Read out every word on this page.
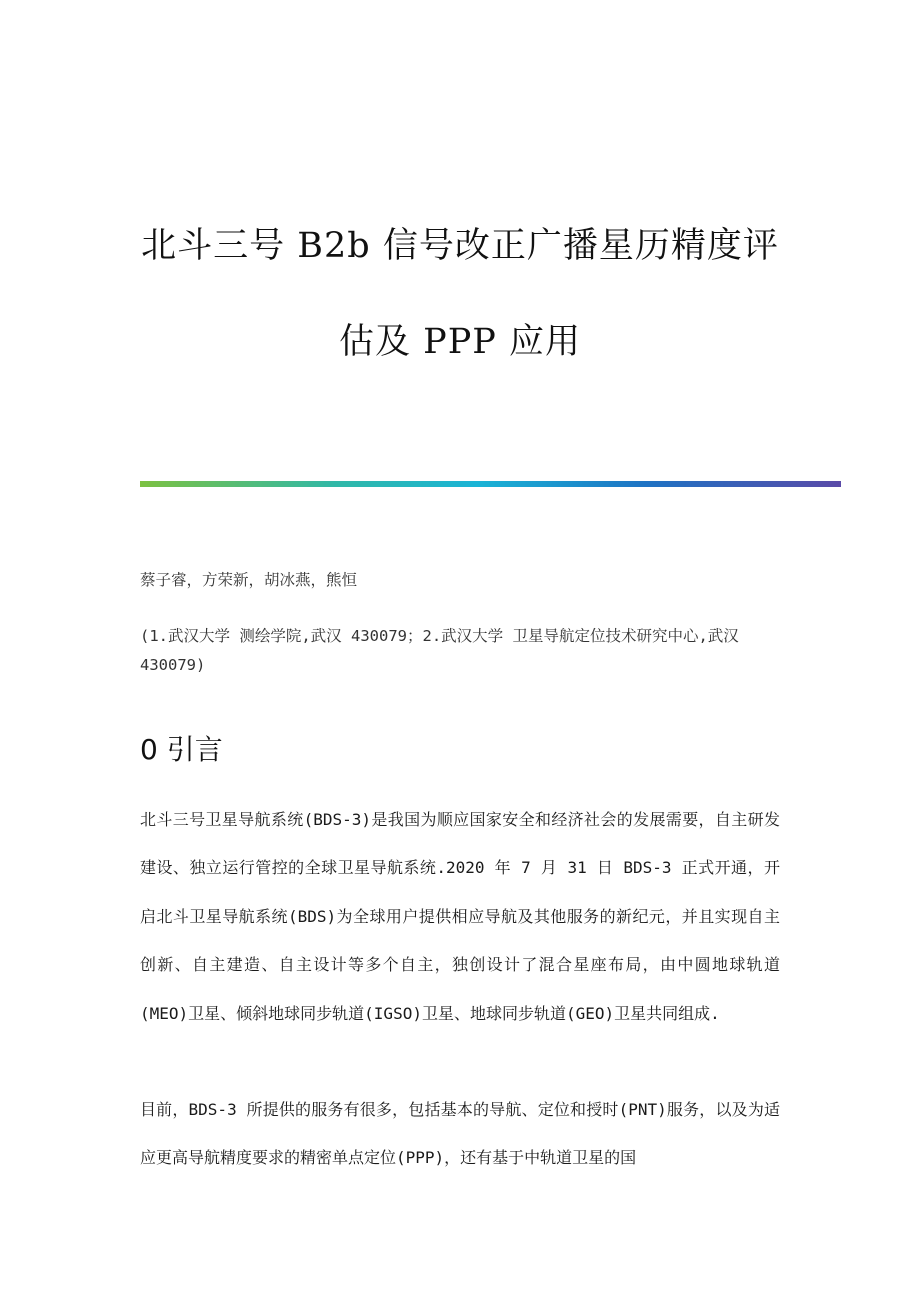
北斗三号 B2b 信号改正广播星历精度评
估及 PPP 应用
蔡子睿，方荣新，胡冰燕，熊恒
(1.武汉大学 测绘学院,武汉 430079；2.武汉大学 卫星导航定位技术研究中心,武汉 430079)
0 引言
北斗三号卫星导航系统(BDS-3)是我国为顺应国家安全和经济社会的发展需要，自主研发建设、独立运行管控的全球卫星导航系统.2020 年 7 月 31 日 BDS-3 正式开通，开启北斗卫星导航系统(BDS)为全球用户提供相应导航及其他服务的新纪元，并且实现自主创新、自主建造、自主设计等多个自主，独创设计了混合星座布局，由中圆地球轨道(MEO)卫星、倾斜地球同步轨道(IGSO)卫星、地球同步轨道(GEO)卫星共同组成.
目前，BDS-3 所提供的服务有很多，包括基本的导航、定位和授时(PNT)服务，以及为适应更高导航精度要求的精密单点定位(PPP)，还有基于中轨道卫星的国
